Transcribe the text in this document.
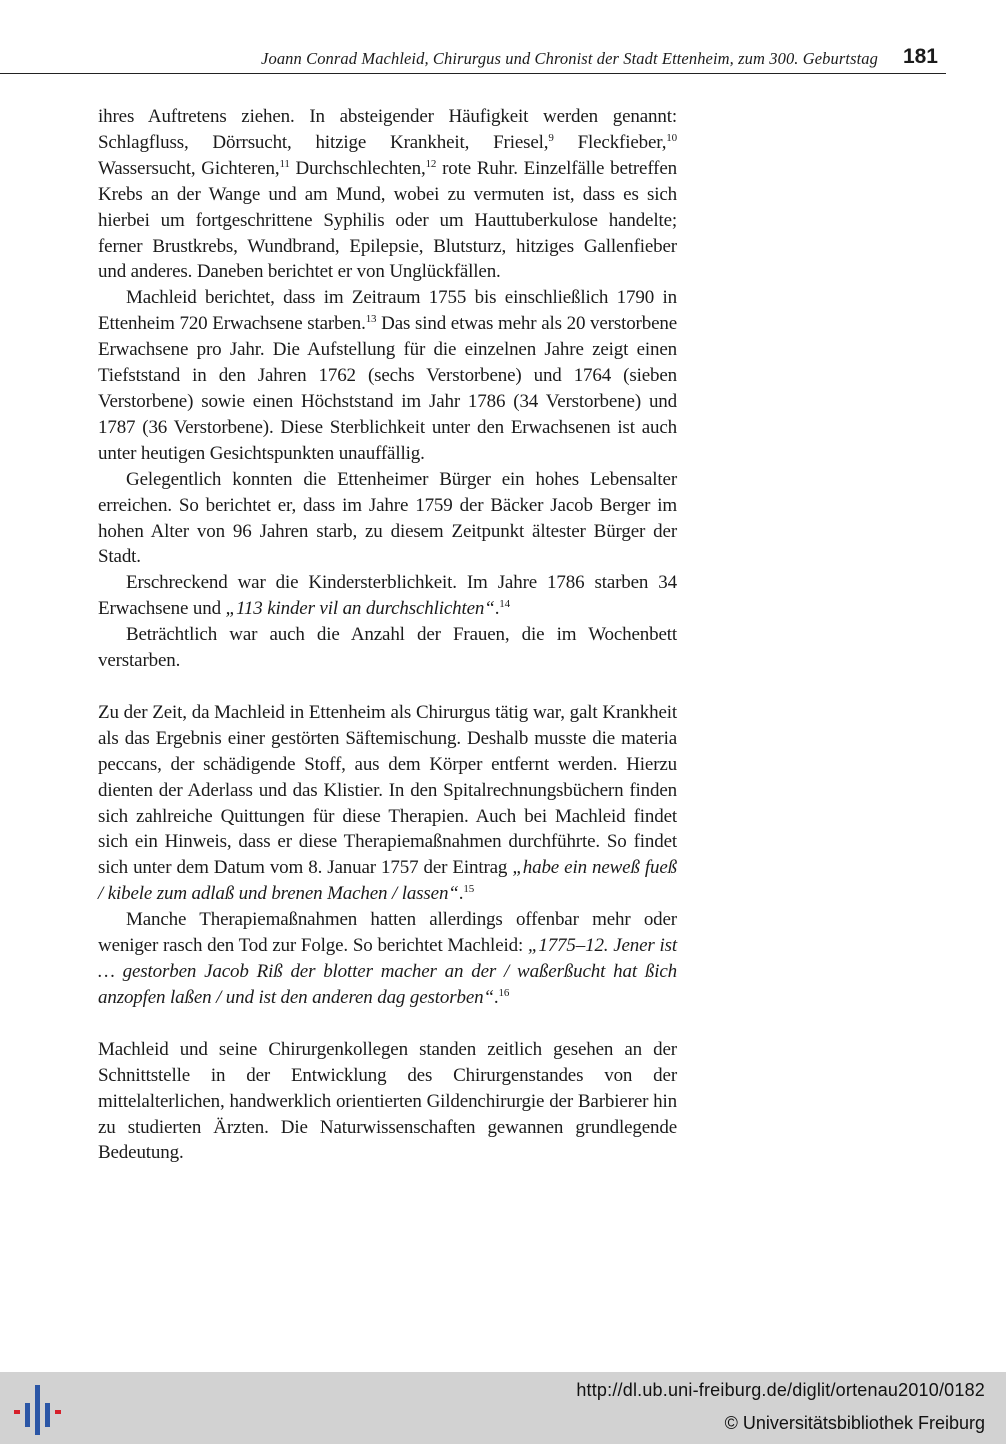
Joann Conrad Machleid, Chirurgus und Chronist der Stadt Ettenheim, zum 300. Geburtstag 181

ihres Auftretens ziehen. In absteigender Häufigkeit werden genannt: Schlagfluss, Dörrsucht, hitzige Krankheit, Friesel,$^9$ Fleckfieber,$^{10}$ Wassersucht, Gichteren,$^{11}$ Durchschlechten,$^{12}$ rote Ruhr. Einzelfälle betreffen Krebs an der Wange und am Mund, wobei zu vermuten ist, dass es sich hierbei um fortgeschrittene Syphilis oder um Hauttuberkulose handelte; ferner Brustkrebs, Wundbrand, Epilepsie, Blutsturz, hitziges Gallenfieber und anderes. Daneben berichtet er von Unglückfällen.

Machleid berichtet, dass im Zeitraum 1755 bis einschließlich 1790 in Ettenheim 720 Erwachsene starben.$^{13}$ Das sind etwas mehr als 20 verstorbene Erwachsene pro Jahr. Die Aufstellung für die einzelnen Jahre zeigt einen Tiefststand in den Jahren 1762 (sechs Verstorbene) und 1764 (sieben Verstorbene) sowie einen Höchststand im Jahr 1786 (34 Verstorbene) und 1787 (36 Verstorbene). Diese Sterblichkeit unter den Erwachsenen ist auch unter heutigen Gesichtspunkten unauffällig.

Gelegentlich konnten die Ettenheimer Bürger ein hohes Lebensalter erreichen. So berichtet er, dass im Jahre 1759 der Bäcker Jacob Berger im hohen Alter von 96 Jahren starb, zu diesem Zeitpunkt ältester Bürger der Stadt.

Erschreckend war die Kindersterblichkeit. Im Jahre 1786 starben 34 Erwachsene und „113 kinder vil an durchschlichten“.$^{14}$

Beträchtlich war auch die Anzahl der Frauen, die im Wochenbett verstarben.

Zu der Zeit, da Machleid in Ettenheim als Chirurgus tätig war, galt Krankheit als das Ergebnis einer gestörten Säftemischung. Deshalb musste die materia peccans, der schädigende Stoff, aus dem Körper entfernt werden. Hierzu dienten der Aderlass und das Klistier. In den Spitalrechnungsbüchern finden sich zahlreiche Quittungen für diese Therapien. Auch bei Machleid findet sich ein Hinweis, dass er diese Therapiemaßnahmen durchführte. So findet sich unter dem Datum vom 8. Januar 1757 der Eintrag „habe ein neweß fueß / kibele zum adlaß und brenen Machen / lassen“.$^{15}$

Manche Therapiemaßnahmen hatten allerdings offenbar mehr oder weniger rasch den Tod zur Folge. So berichtet Machleid: „1775–12. Jener ist … gestorben Jacob Riß der blotter macher an der / waßerßucht hat ßich anzopfen laßen / und ist den anderen dag gestorben“.$^{16}$

Machleid und seine Chirurgenkollegen standen zeitlich gesehen an der Schnittstelle in der Entwicklung des Chirurgenstandes von der mittelalterlichen, handwerklich orientierten Gildenchirurgie der Barbierer hin zu studierten Ärzten. Die Naturwissenschaften gewannen grundlegende Bedeutung.

http://dl.ub.uni-freiburg.de/diglit/ortenau2010/0182
© Universitätsbibliothek Freiburg
